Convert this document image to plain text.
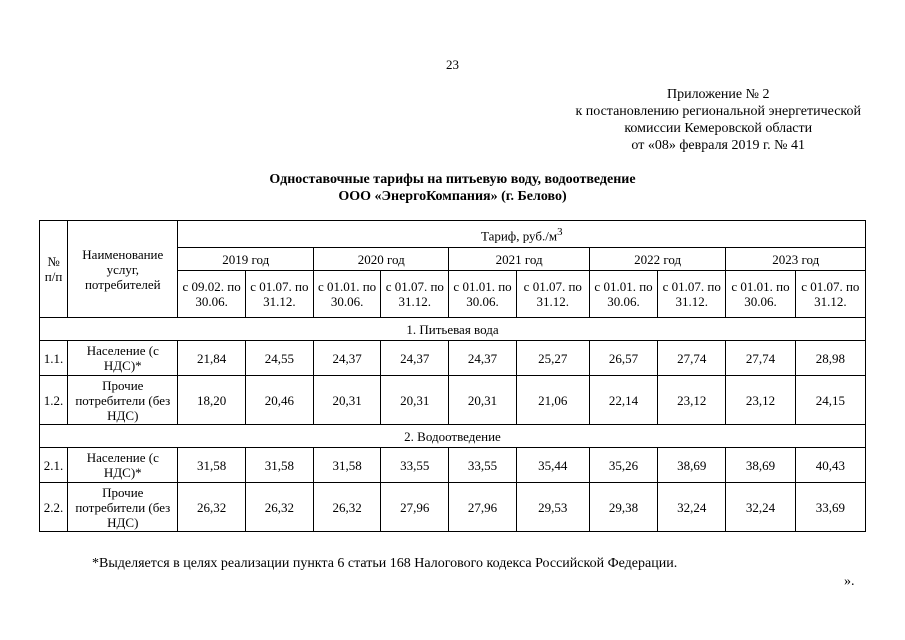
23
Приложение № 2
к постановлению региональной энергетической
комиссии Кемеровской области
от «08» февраля 2019 г. № 41
Одноставочные тарифы на питьевую воду, водоотведение
ООО «ЭнергоКомпания» (г. Белово)
№ п/п	Наименование услуг, потребителей	Тариф, $руб./м^3$
		2019 год		2020 год		2021 год		2022 год		2023 год	
		с 09.02. по 30.06.	с 01.07. по 31.12.	с 01.01. по 30.06.	с 01.07. по 31.12.	с 01.01. по 30.06.	с 01.07. по 31.12.	с 01.01. по 30.06.	с 01.07. по 31.12.	с 01.01. по 30.06.	с 01.07. по 31.12.
1. Питьевая вода											
1.1.	Население (с НДС)*	21,84	24,55	24,37	24,37	24,37	25,27	26,57	27,74	27,74	28,98
1.2.	Прочие потребители (без НДС)	18,20	20,46	20,31	20,31	20,31	21,06	22,14	23,12	23,12	24,15
2. Водоотведение											
2.1.	Население (с НДС)*	31,58	31,58	31,58	33,55	33,55	35,44	35,26	38,69	38,69	40,43
2.2.	Прочие потребители (без НДС)	26,32	26,32	26,32	27,96	27,96	29,53	29,38	32,24	32,24	33,69
*Выделяется в целях реализации пункта 6 статьи 168 Налогового кодекса Российской Федерации.
».
